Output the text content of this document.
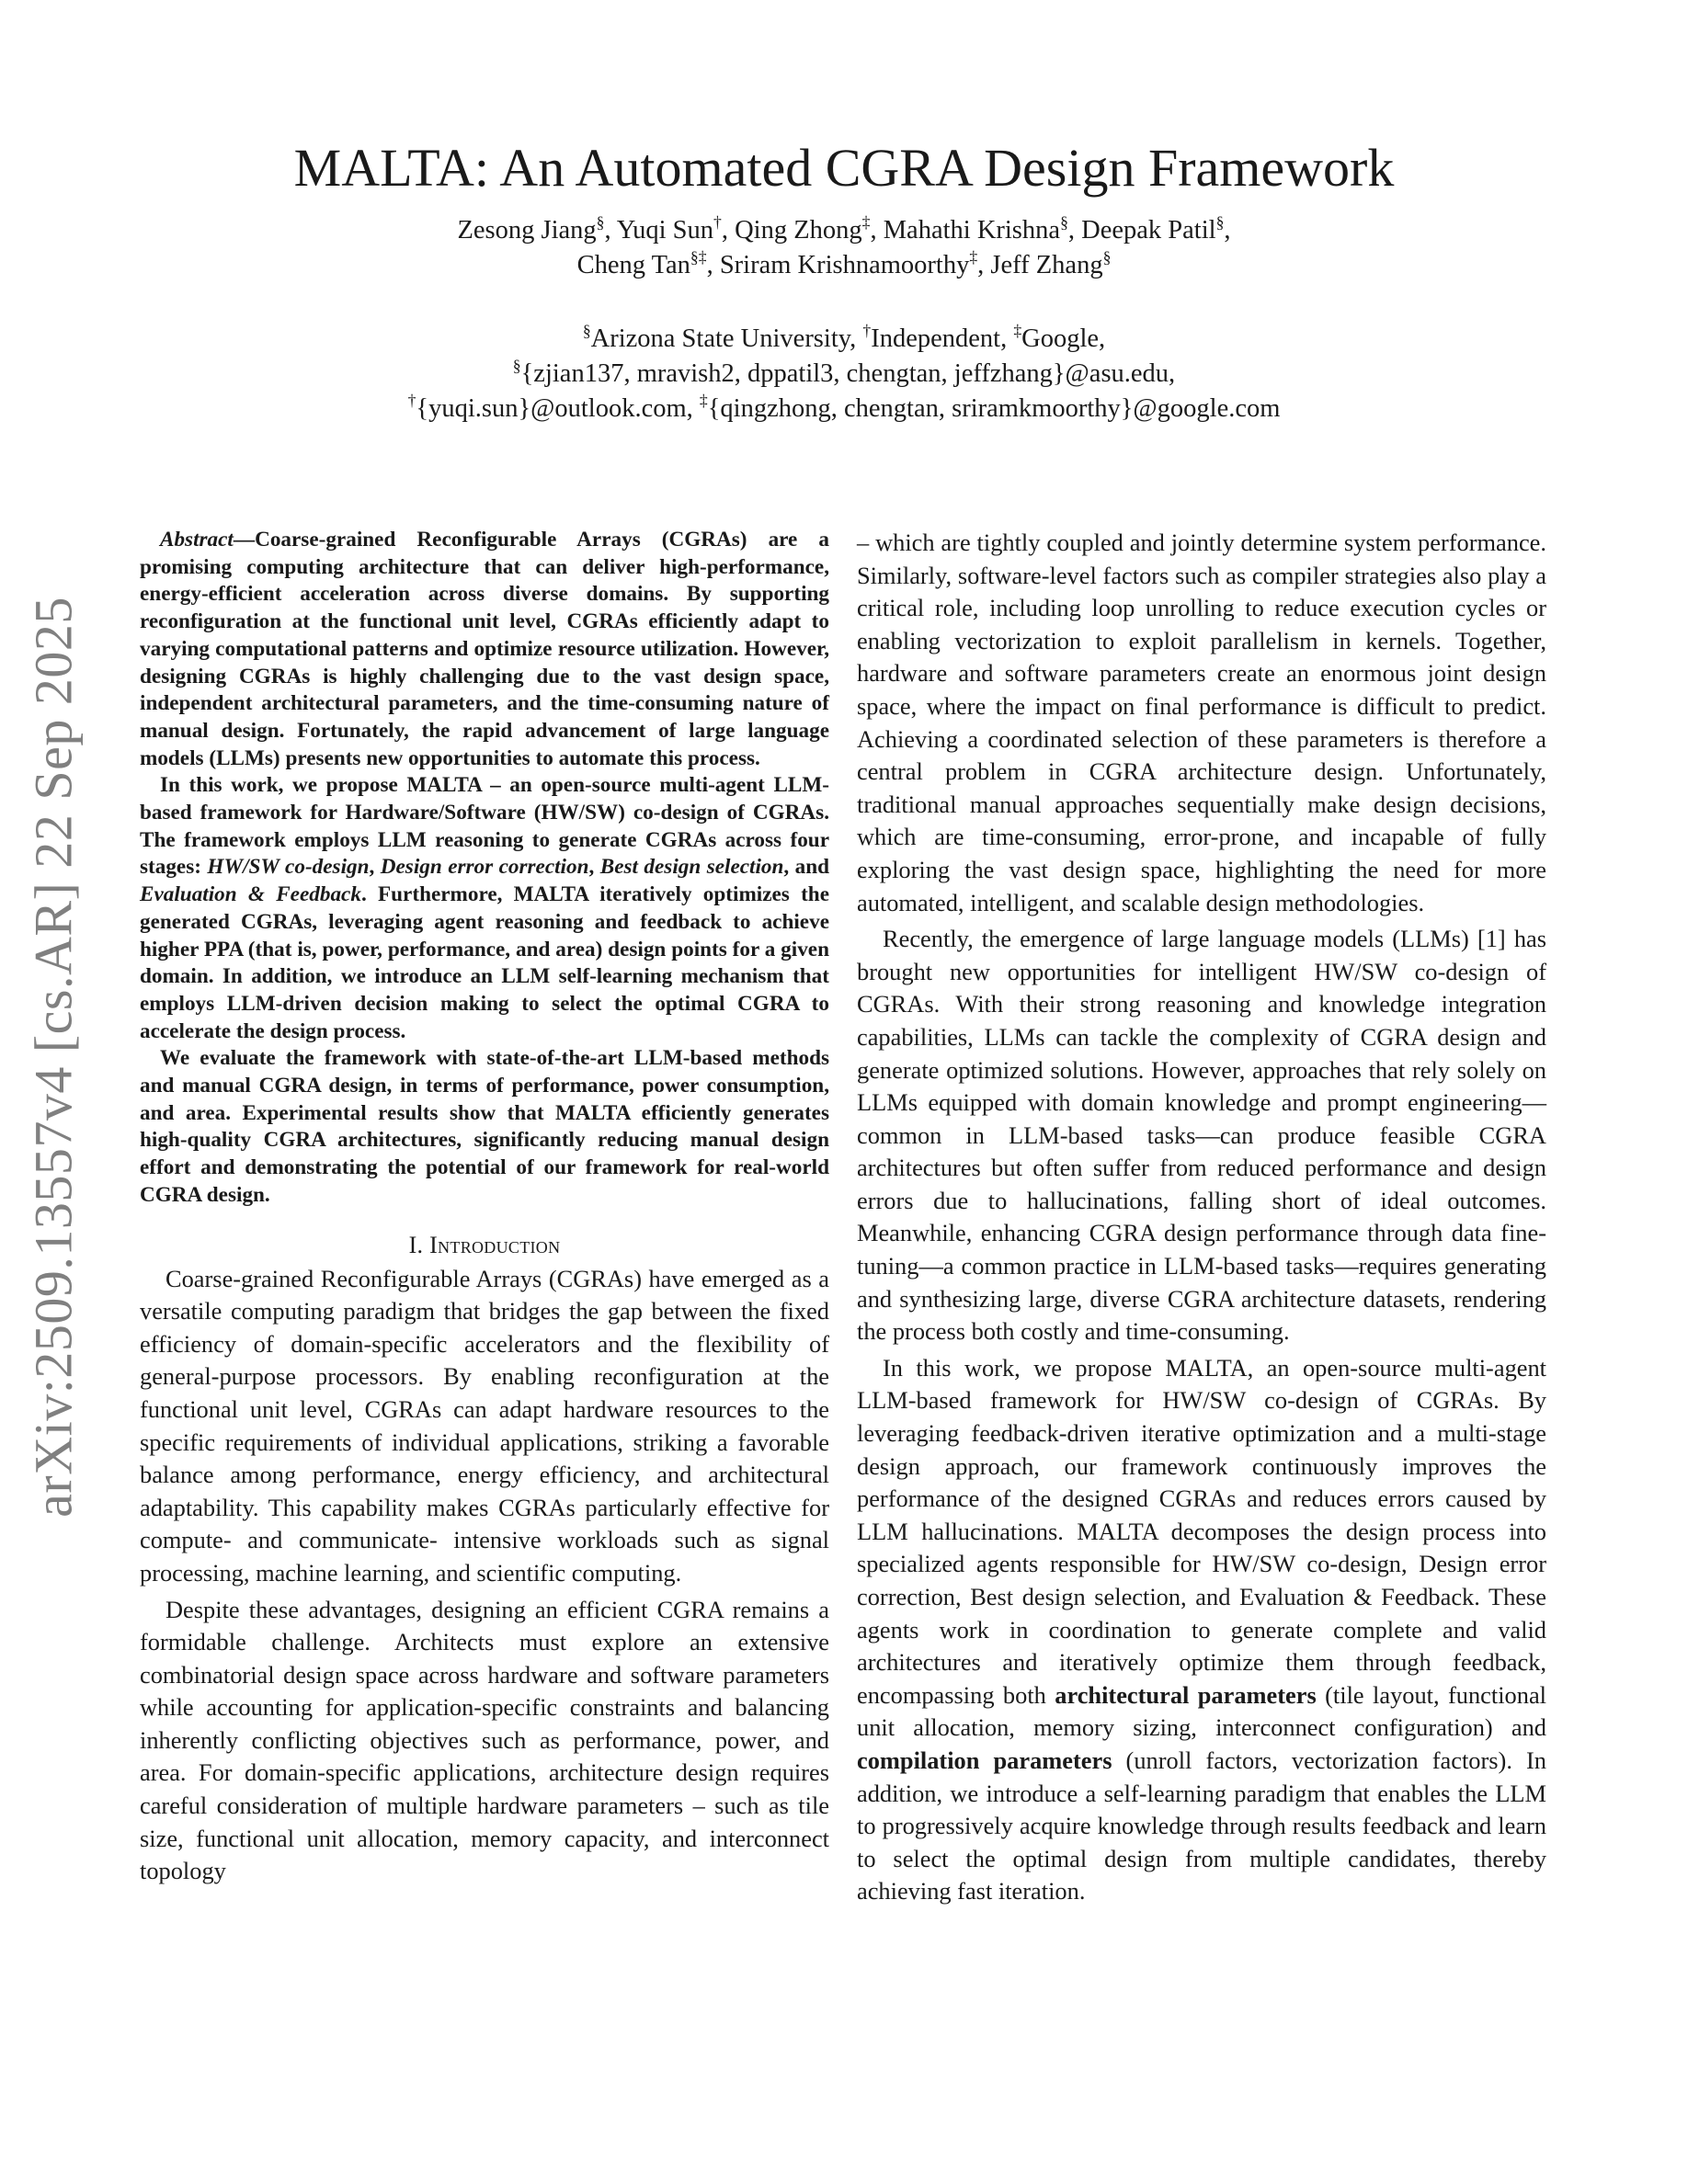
arXiv:2509.13557v4 [cs.AR] 22 Sep 2025
MALTA: An Automated CGRA Design Framework

Zesong Jiang§, Yuqi Sun†, Qing Zhong‡, Mahathi Krishna§, Deepak Patil§,

Cheng Tan§‡, Sriram Krishnamoorthy‡, Jeff Zhang§

§Arizona State University, †Independent, ‡Google,

§{zjian137, mravish2, dppatil3, chengtan, jeffzhang}@asu.edu,

†{yuqi.sun}@outlook.com, ‡{qingzhong, chengtan, sriramkmoorthy}@google.com

Abstract—Coarse-grained Reconfigurable Arrays (CGRAs) are a promising computing architecture that can deliver high-performance, energy-efficient acceleration across diverse domains. By supporting reconfiguration at the functional unit level, CGRAs efficiently adapt to varying computational patterns and optimize resource utilization. However, designing CGRAs is highly challenging due to the vast design space, independent architectural parameters, and the time-consuming nature of manual design. Fortunately, the rapid advancement of large language models (LLMs) presents new opportunities to automate this process.

In this work, we propose MALTA – an open-source multi-agent LLM-based framework for Hardware/Software (HW/SW) co-design of CGRAs. The framework employs LLM reasoning to generate CGRAs across four stages: HW/SW co-design, Design error correction, Best design selection, and Evaluation & Feedback. Furthermore, MALTA iteratively optimizes the generated CGRAs, leveraging agent reasoning and feedback to achieve higher PPA (that is, power, performance, and area) design points for a given domain. In addition, we introduce an LLM self-learning mechanism that employs LLM-driven decision making to select the optimal CGRA to accelerate the design process.

We evaluate the framework with state-of-the-art LLM-based methods and manual CGRA design, in terms of performance, power consumption, and area. Experimental results show that MALTA efficiently generates high-quality CGRA architectures, significantly reducing manual design effort and demonstrating the potential of our framework for real-world CGRA design.

I. Introduction

Coarse-grained Reconfigurable Arrays (CGRAs) have emerged as a versatile computing paradigm that bridges the gap between the fixed efficiency of domain-specific accelerators and the flexibility of general-purpose processors. By enabling reconfiguration at the functional unit level, CGRAs can adapt hardware resources to the specific requirements of individual applications, striking a favorable balance among performance, energy efficiency, and architectural adaptability. This capability makes CGRAs particularly effective for compute- and communicate- intensive workloads such as signal processing, machine learning, and scientific computing.

Despite these advantages, designing an efficient CGRA remains a formidable challenge. Architects must explore an extensive combinatorial design space across hardware and software parameters while accounting for application-specific constraints and balancing inherently conflicting objectives such as performance, power, and area. For domain-specific applications, architecture design requires careful consideration of multiple hardware parameters – such as tile size, functional unit allocation, memory capacity, and interconnect topology

– which are tightly coupled and jointly determine system performance. Similarly, software-level factors such as compiler strategies also play a critical role, including loop unrolling to reduce execution cycles or enabling vectorization to exploit parallelism in kernels. Together, hardware and software parameters create an enormous joint design space, where the impact on final performance is difficult to predict. Achieving a coordinated selection of these parameters is therefore a central problem in CGRA architecture design. Unfortunately, traditional manual approaches sequentially make design decisions, which are time-consuming, error-prone, and incapable of fully exploring the vast design space, highlighting the need for more automated, intelligent, and scalable design methodologies.

Recently, the emergence of large language models (LLMs) [1] has brought new opportunities for intelligent HW/SW co-design of CGRAs. With their strong reasoning and knowledge integration capabilities, LLMs can tackle the complexity of CGRA design and generate optimized solutions. However, approaches that rely solely on LLMs equipped with domain knowledge and prompt engineering—common in LLM-based tasks—can produce feasible CGRA architectures but often suffer from reduced performance and design errors due to hallucinations, falling short of ideal outcomes. Meanwhile, enhancing CGRA design performance through data fine-tuning—a common practice in LLM-based tasks—requires generating and synthesizing large, diverse CGRA architecture datasets, rendering the process both costly and time-consuming.

In this work, we propose MALTA, an open-source multi-agent LLM-based framework for HW/SW co-design of CGRAs. By leveraging feedback-driven iterative optimization and a multi-stage design approach, our framework continuously improves the performance of the designed CGRAs and reduces errors caused by LLM hallucinations. MALTA decomposes the design process into specialized agents responsible for HW/SW co-design, Design error correction, Best design selection, and Evaluation & Feedback. These agents work in coordination to generate complete and valid architectures and iteratively optimize them through feedback, encompassing both architectural parameters (tile layout, functional unit allocation, memory sizing, interconnect configuration) and compilation parameters (unroll factors, vectorization factors). In addition, we introduce a self-learning paradigm that enables the LLM to progressively acquire knowledge through results feedback and learn to select the optimal design from multiple candidates, thereby achieving fast iteration.
